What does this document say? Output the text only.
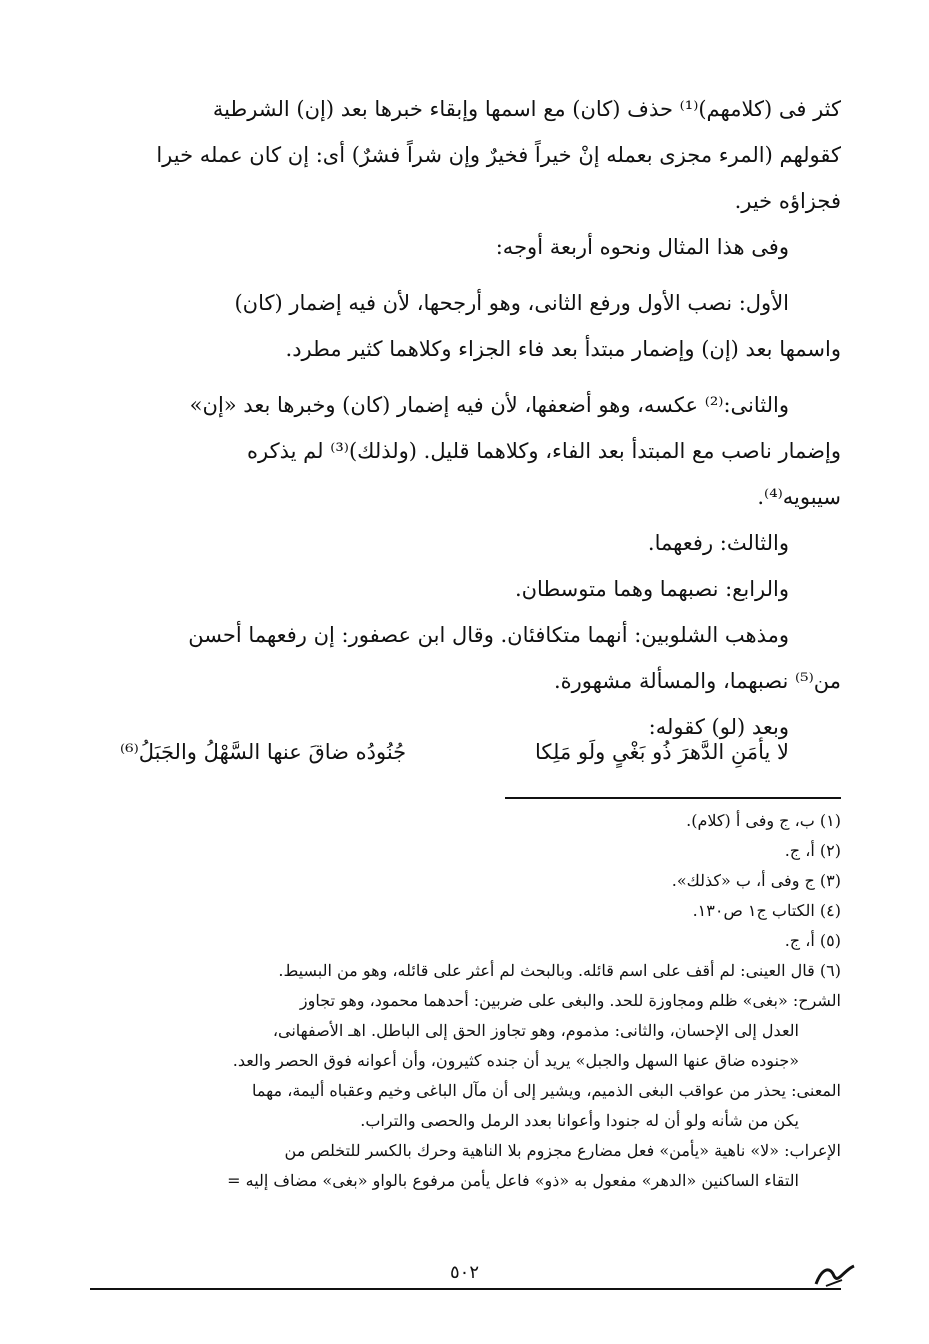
كثر فى (كلامهم)⁽¹⁾ حذف (كان) مع اسمها وإبقاء خبرها بعد (إن) الشرطية
كقولهم (المرء مجزى بعمله إنْ خيراً فخيرٌ وإن شراً فشرٌ) أى: إن كان عمله خيرا
فجزاؤه خير.
وفى هذا المثال ونحوه أربعة أوجه:
الأول: نصب الأول ورفع الثانى، وهو أرجحها، لأن فيه إضمار (كان)
واسمها بعد (إن) وإضمار مبتدأ بعد فاء الجزاء وكلاهما كثير مطرد.
والثانى:⁽²⁾ عكسه، وهو أضعفها، لأن فيه إضمار (كان) وخبرها بعد «إن»
وإضمار ناصب مع المبتدأ بعد الفاء، وكلاهما قليل. (ولذلك)⁽³⁾ لم يذكره
سيبويه⁽⁴⁾.
والثالث: رفعهما.
والرابع: نصبهما وهما متوسطان.
ومذهب الشلوبين: أنهما متكافئان. وقال ابن عصفور: إن رفعهما أحسن
من⁽⁵⁾ نصبهما، والمسألة مشهورة.
وبعد (لو) كقوله:
لا يأمَنِ الدَّهرَ ذُو بَغْىٍ ولَو مَلِكا
جُنُودُه ضاقَ عنها السَّهْلُ والجَبَلُ⁽⁶⁾
(١) ب، ج وفى أ (كلام).
(٢) أ، ج.
(٣) ج وفى أ، ب «كذلك».
(٤) الكتاب ج١ ص١٣٠.
(٥) أ، ج.
(٦) قال العينى: لم أقف على اسم قائله. وبالبحث لم أعثر على قائله، وهو من البسيط.
الشرح: «بغى» ظلم ومجاوزة للحد. والبغى على ضربين: أحدهما محمود، وهو تجاوز
العدل إلى الإحسان، والثانى: مذموم، وهو تجاوز الحق إلى الباطل. اهـ الأصفهانى،
«جنوده ضاق عنها السهل والجبل» يريد أن جنده كثيرون، وأن أعوانه فوق الحصر والعد.
المعنى: يحذر من عواقب البغى الذميم، ويشير إلى أن مآل الباغى وخيم وعقباه أليمة، مهما
يكن من شأنه ولو أن له جنودا وأعوانا بعدد الرمل والحصى والتراب.
الإعراب: «لا» ناهية «يأمن» فعل مضارع مجزوم بلا الناهية وحرك بالكسر للتخلص من
التقاء الساكنين «الدهر» مفعول به «ذو» فاعل يأمن مرفوع بالواو «بغى» مضاف إليه =
٥٠٢
